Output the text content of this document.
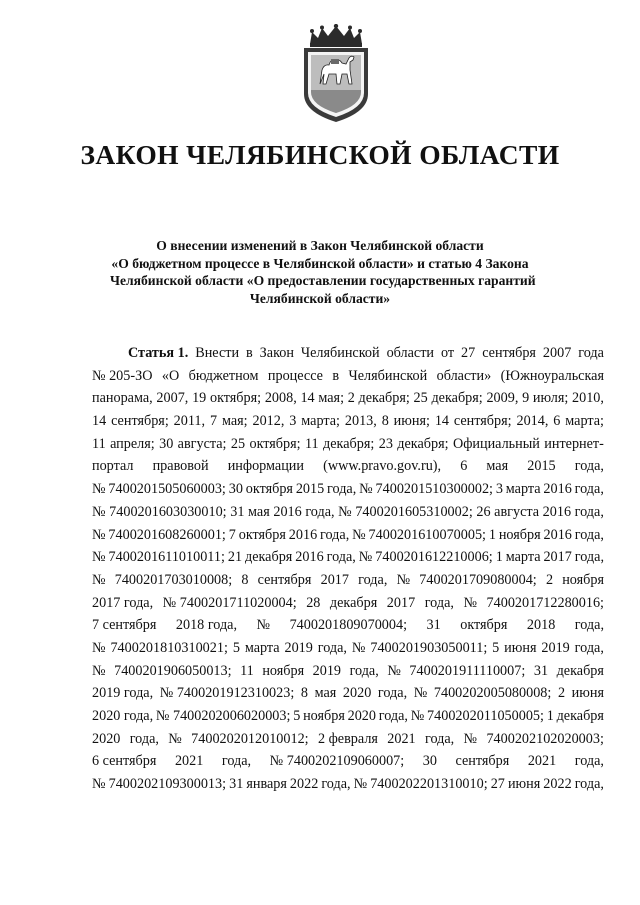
ЗАКОН ЧЕЛЯБИНСКОЙ ОБЛАСТИ
О внесении изменений в Закон Челябинской области
«О бюджетном процессе в Челябинской области» и статью 4 Закона
Челябинской области «О предоставлении государственных гарантий
Челябинской области»
Статья 1. Внести в Закон Челябинской области от 27 сентября 2007 года
№ 205-ЗО «О бюджетном процессе в Челябинской области» (Южноуральская
панорама, 2007, 19 октября; 2008, 14 мая; 2 декабря; 25 декабря; 2009, 9 июля; 2010,
14 сентября; 2011, 7 мая; 2012, 3 марта; 2013, 8 июня; 14 сентября; 2014, 6 марта;
11 апреля; 30 августа; 25 октября; 11 декабря; 23 декабря; Официальный интернет-
портал правовой информации (www.pravo.gov.ru), 6 мая 2015 года,
№ 7400201505060003; 30 октября 2015 года, № 7400201510300002; 3 марта 2016 года,
№ 7400201603030010; 31 мая 2016 года, № 7400201605310002; 26 августа 2016 года,
№ 7400201608260001; 7 октября 2016 года, № 7400201610070005; 1 ноября 2016 года,
№ 7400201611010011; 21 декабря 2016 года, № 7400201612210006; 1 марта 2017 года,
№ 7400201703010008; 8 сентября 2017 года, № 7400201709080004; 2 ноября
2017 года, № 7400201711020004; 28 декабря 2017 года, № 7400201712280016;
7 сентября 2018 года, № 7400201809070004; 31 октября 2018 года,
№ 7400201810310021; 5 марта 2019 года, № 7400201903050011; 5 июня 2019 года,
№ 7400201906050013; 11 ноября 2019 года, № 7400201911110007; 31 декабря
2019 года, № 7400201912310023; 8 мая 2020 года, № 7400202005080008; 2 июня
2020 года, № 7400202006020003; 5 ноября 2020 года, № 7400202011050005; 1 декабря
2020 года, № 7400202012010012; 2 февраля 2021 года, № 7400202102020003;
6 сентября 2021 года, № 7400202109060007; 30 сентября 2021 года,
№ 7400202109300013; 31 января 2022 года, № 7400202201310010; 27 июня 2022 года,
